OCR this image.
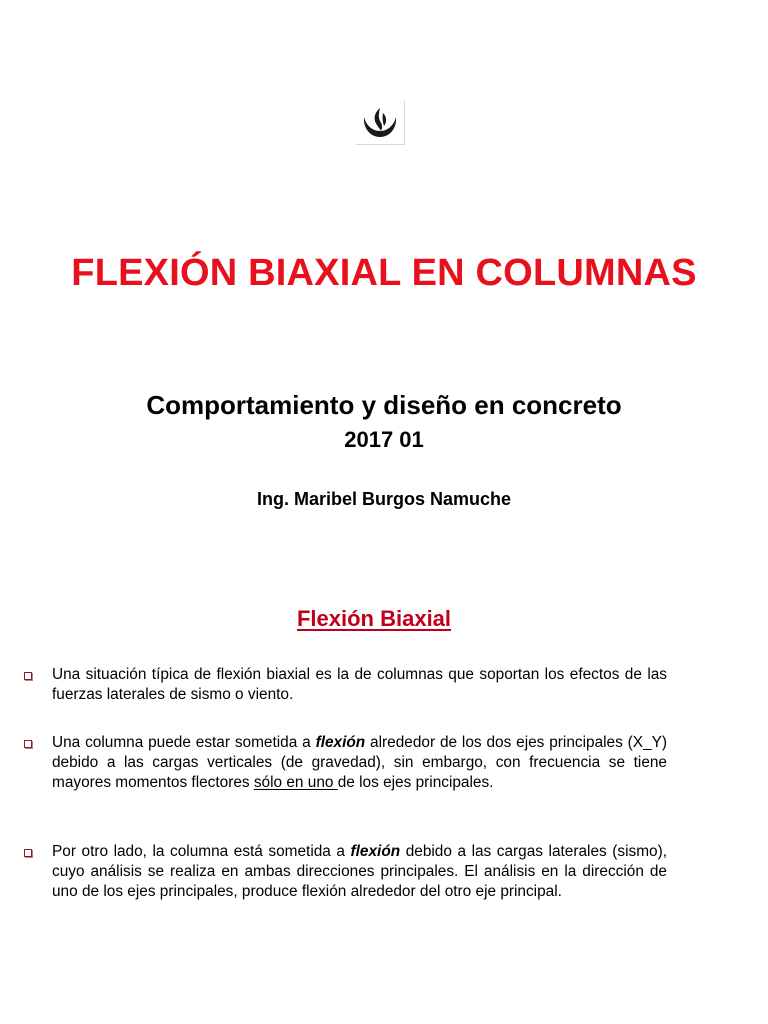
FLEXIÓN BIAXIAL EN COLUMNAS
Comportamiento y diseño en concreto
2017 01
Ing. Maribel Burgos Namuche
Flexión Biaxial
Una situación típica de flexión biaxial es la de columnas que soportan los efectos de las fuerzas laterales de sismo o viento.
Una columna puede estar sometida a flexión alrededor de los dos ejes principales (X_Y) debido a las cargas verticales (de gravedad), sin embargo, con frecuencia se tiene mayores momentos flectores sólo en uno de los ejes principales.
Por otro lado, la columna está sometida a flexión debido a las cargas laterales (sismo), cuyo análisis se realiza en ambas direcciones principales. El análisis en la dirección de uno de los ejes principales, produce flexión alrededor del otro eje principal.
